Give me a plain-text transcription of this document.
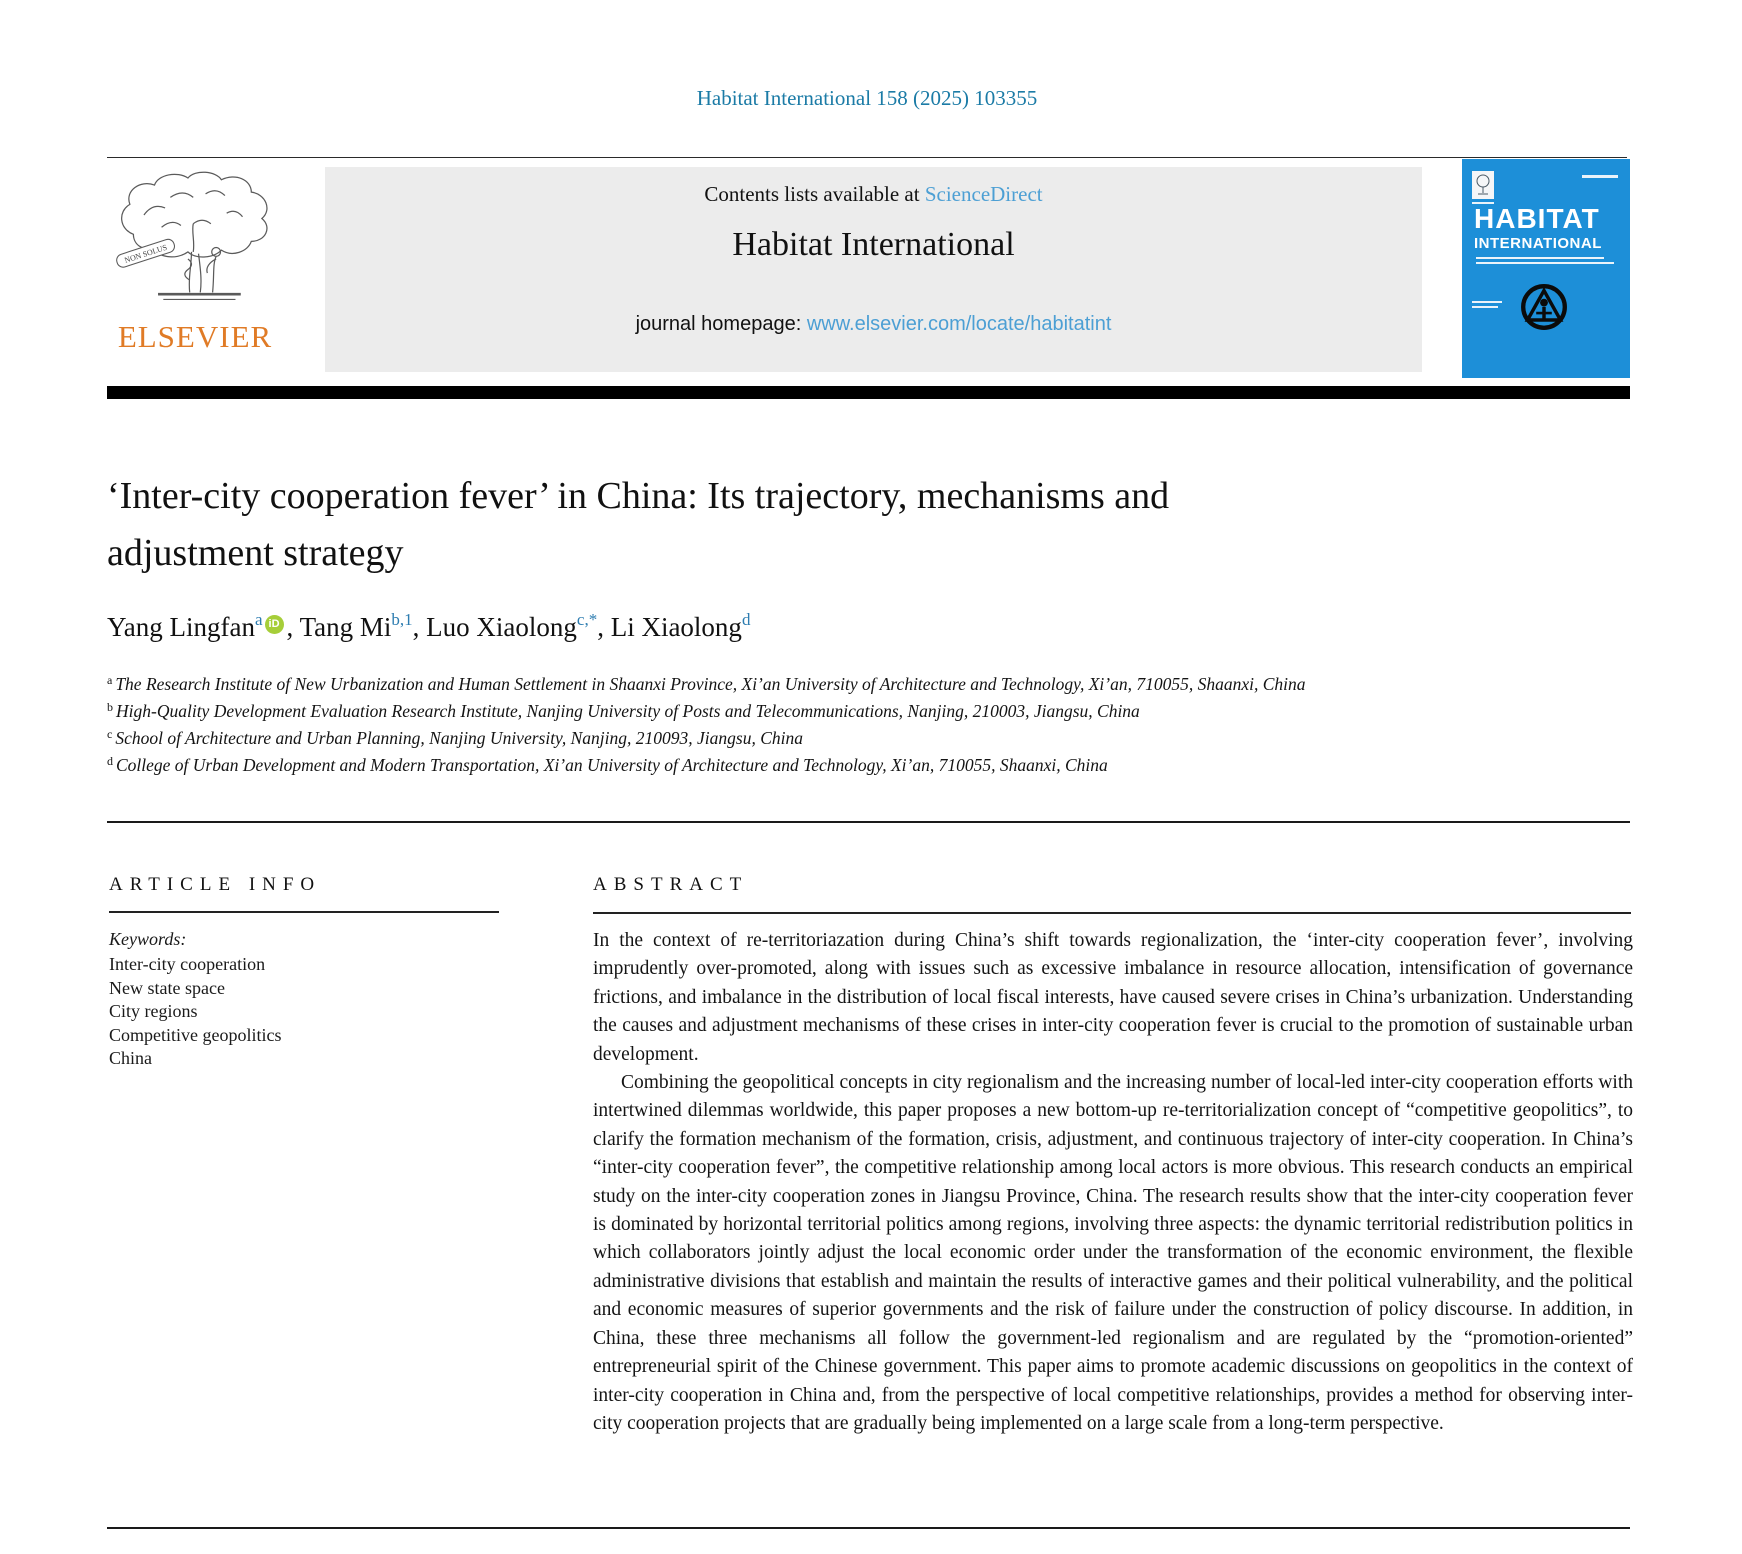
Habitat International 158 (2025) 103355
NON SOLUS
ELSEVIER
Contents lists available at ScienceDirect
Habitat International
journal homepage: www.elsevier.com/locate/habitatint
HABITAT
INTERNATIONAL
‘Inter-city cooperation fever’ in China: Its trajectory, mechanisms and
adjustment strategy
Yang Lingfan$^a$ iD , Tang Mi$^{b,1}$, Luo Xiaolong$^{c,*}$, Li Xiaolong$^d$
$^a$ The Research Institute of New Urbanization and Human Settlement in Shaanxi Province, Xi’an University of Architecture and Technology, Xi’an, 710055, Shaanxi, China
$^b$ High-Quality Development Evaluation Research Institute, Nanjing University of Posts and Telecommunications, Nanjing, 210003, Jiangsu, China
$^c$ School of Architecture and Urban Planning, Nanjing University, Nanjing, 210093, Jiangsu, China
$^d$ College of Urban Development and Modern Transportation, Xi’an University of Architecture and Technology, Xi’an, 710055, Shaanxi, China
ARTICLE INFO
Keywords:
Inter-city cooperation
New state space
City regions
Competitive geopolitics
China
ABSTRACT

In the context of re-territoriazation during China’s shift towards regionalization, the ‘inter-city cooperation fever’, involving imprudently over-promoted, along with issues such as excessive imbalance in resource allocation, intensification of governance frictions, and imbalance in the distribution of local fiscal interests, have caused severe crises in China’s urbanization. Understanding the causes and adjustment mechanisms of these crises in inter-city cooperation fever is crucial to the promotion of sustainable urban development.

Combining the geopolitical concepts in city regionalism and the increasing number of local-led inter-city cooperation efforts with intertwined dilemmas worldwide, this paper proposes a new bottom-up re-territorialization concept of “competitive geopolitics”, to clarify the formation mechanism of the formation, crisis, adjustment, and continuous trajectory of inter-city cooperation. In China’s “inter-city cooperation fever”, the competitive relationship among local actors is more obvious. This research conducts an empirical study on the inter-city cooperation zones in Jiangsu Province, China. The research results show that the inter-city cooperation fever is dominated by horizontal territorial politics among regions, involving three aspects: the dynamic territorial redistribution politics in which collaborators jointly adjust the local economic order under the transformation of the economic environment, the flexible administrative divisions that establish and maintain the results of interactive games and their political vulnerability, and the political and economic measures of superior governments and the risk of failure under the construction of policy discourse. In addition, in China, these three mechanisms all follow the government-led regionalism and are regulated by the “promotion-oriented” entrepreneurial spirit of the Chinese government. This paper aims to promote academic discussions on geopolitics in the context of inter-city cooperation in China and, from the perspective of local competitive relationships, provides a method for observing inter-city cooperation projects that are gradually being implemented on a large scale from a long-term perspective.
